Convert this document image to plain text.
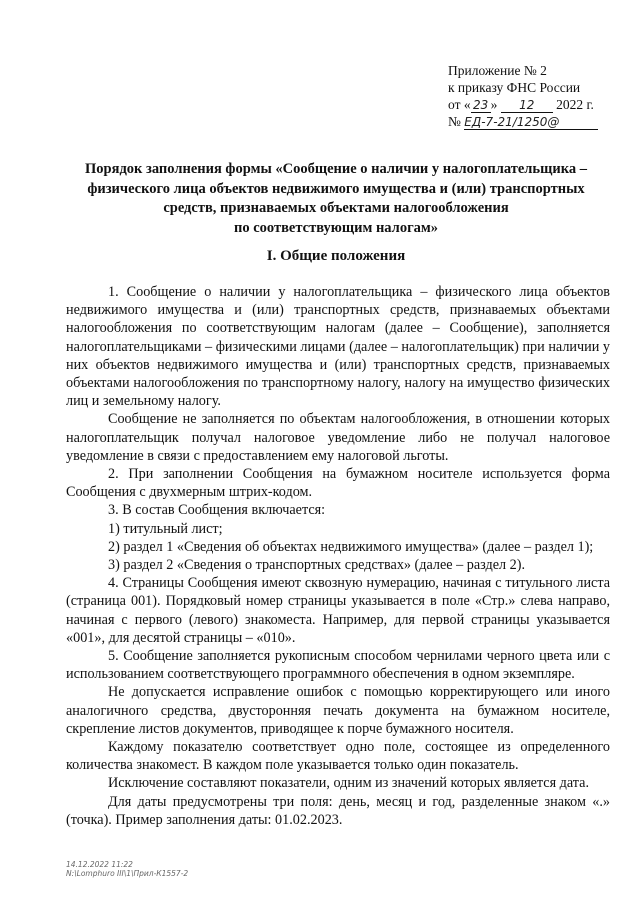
Приложение № 2
к приказу ФНС России
от « 23 » 12 2022 г.
№ ЕД-7-21/1250@
Порядок заполнения формы «Сообщение о наличии у налогоплательщика –
физического лица объектов недвижимого имущества и (или) транспортных
средств, признаваемых объектами налогообложения
по соответствующим налогам»
I. Общие положения

1. Сообщение о наличии у налогоплательщика – физического лица объектов недвижимого имущества и (или) транспортных средств, признаваемых объектами налогообложения по соответствующим налогам (далее – Сообщение), заполняется налогоплательщиками – физическими лицами (далее – налогоплательщик) при наличии у них объектов недвижимого имущества и (или) транспортных средств, признаваемых объектами налогообложения по транспортному налогу, налогу на имущество физических лиц и земельному налогу.

Сообщение не заполняется по объектам налогообложения, в отношении которых налогоплательщик получал налоговое уведомление либо не получал налоговое уведомление в связи с предоставлением ему налоговой льготы.

2. При заполнении Сообщения на бумажном носителе используется форма Сообщения с двухмерным штрих-кодом.

3. В состав Сообщения включается:

1) титульный лист;

2) раздел 1 «Сведения об объектах недвижимого имущества» (далее – раздел 1);

3) раздел 2 «Сведения о транспортных средствах» (далее – раздел 2).

4. Страницы Сообщения имеют сквозную нумерацию, начиная с титульного листа (страница 001). Порядковый номер страницы указывается в поле «Стр.» слева направо, начиная с первого (левого) знакоместа. Например, для первой страницы указывается «001», для десятой страницы – «010».

5. Сообщение заполняется рукописным способом чернилами черного цвета или с использованием соответствующего программного обеспечения в одном экземпляре.

Не допускается исправление ошибок с помощью корректирующего или иного аналогичного средства, двусторонняя печать документа на бумажном носителе, скрепление листов документов, приводящее к порче бумажного носителя.

Каждому показателю соответствует одно поле, состоящее из определенного количества знакомест. В каждом поле указывается только один показатель.

Исключение составляют показатели, одним из значений которых является дата.

Для даты предусмотрены три поля: день, месяц и год, разделенные знаком «.» (точка). Пример заполнения даты: 01.02.2023.

14.12.2022 11:22
N:\Lomphuro III\1\Прил-К1557-2
